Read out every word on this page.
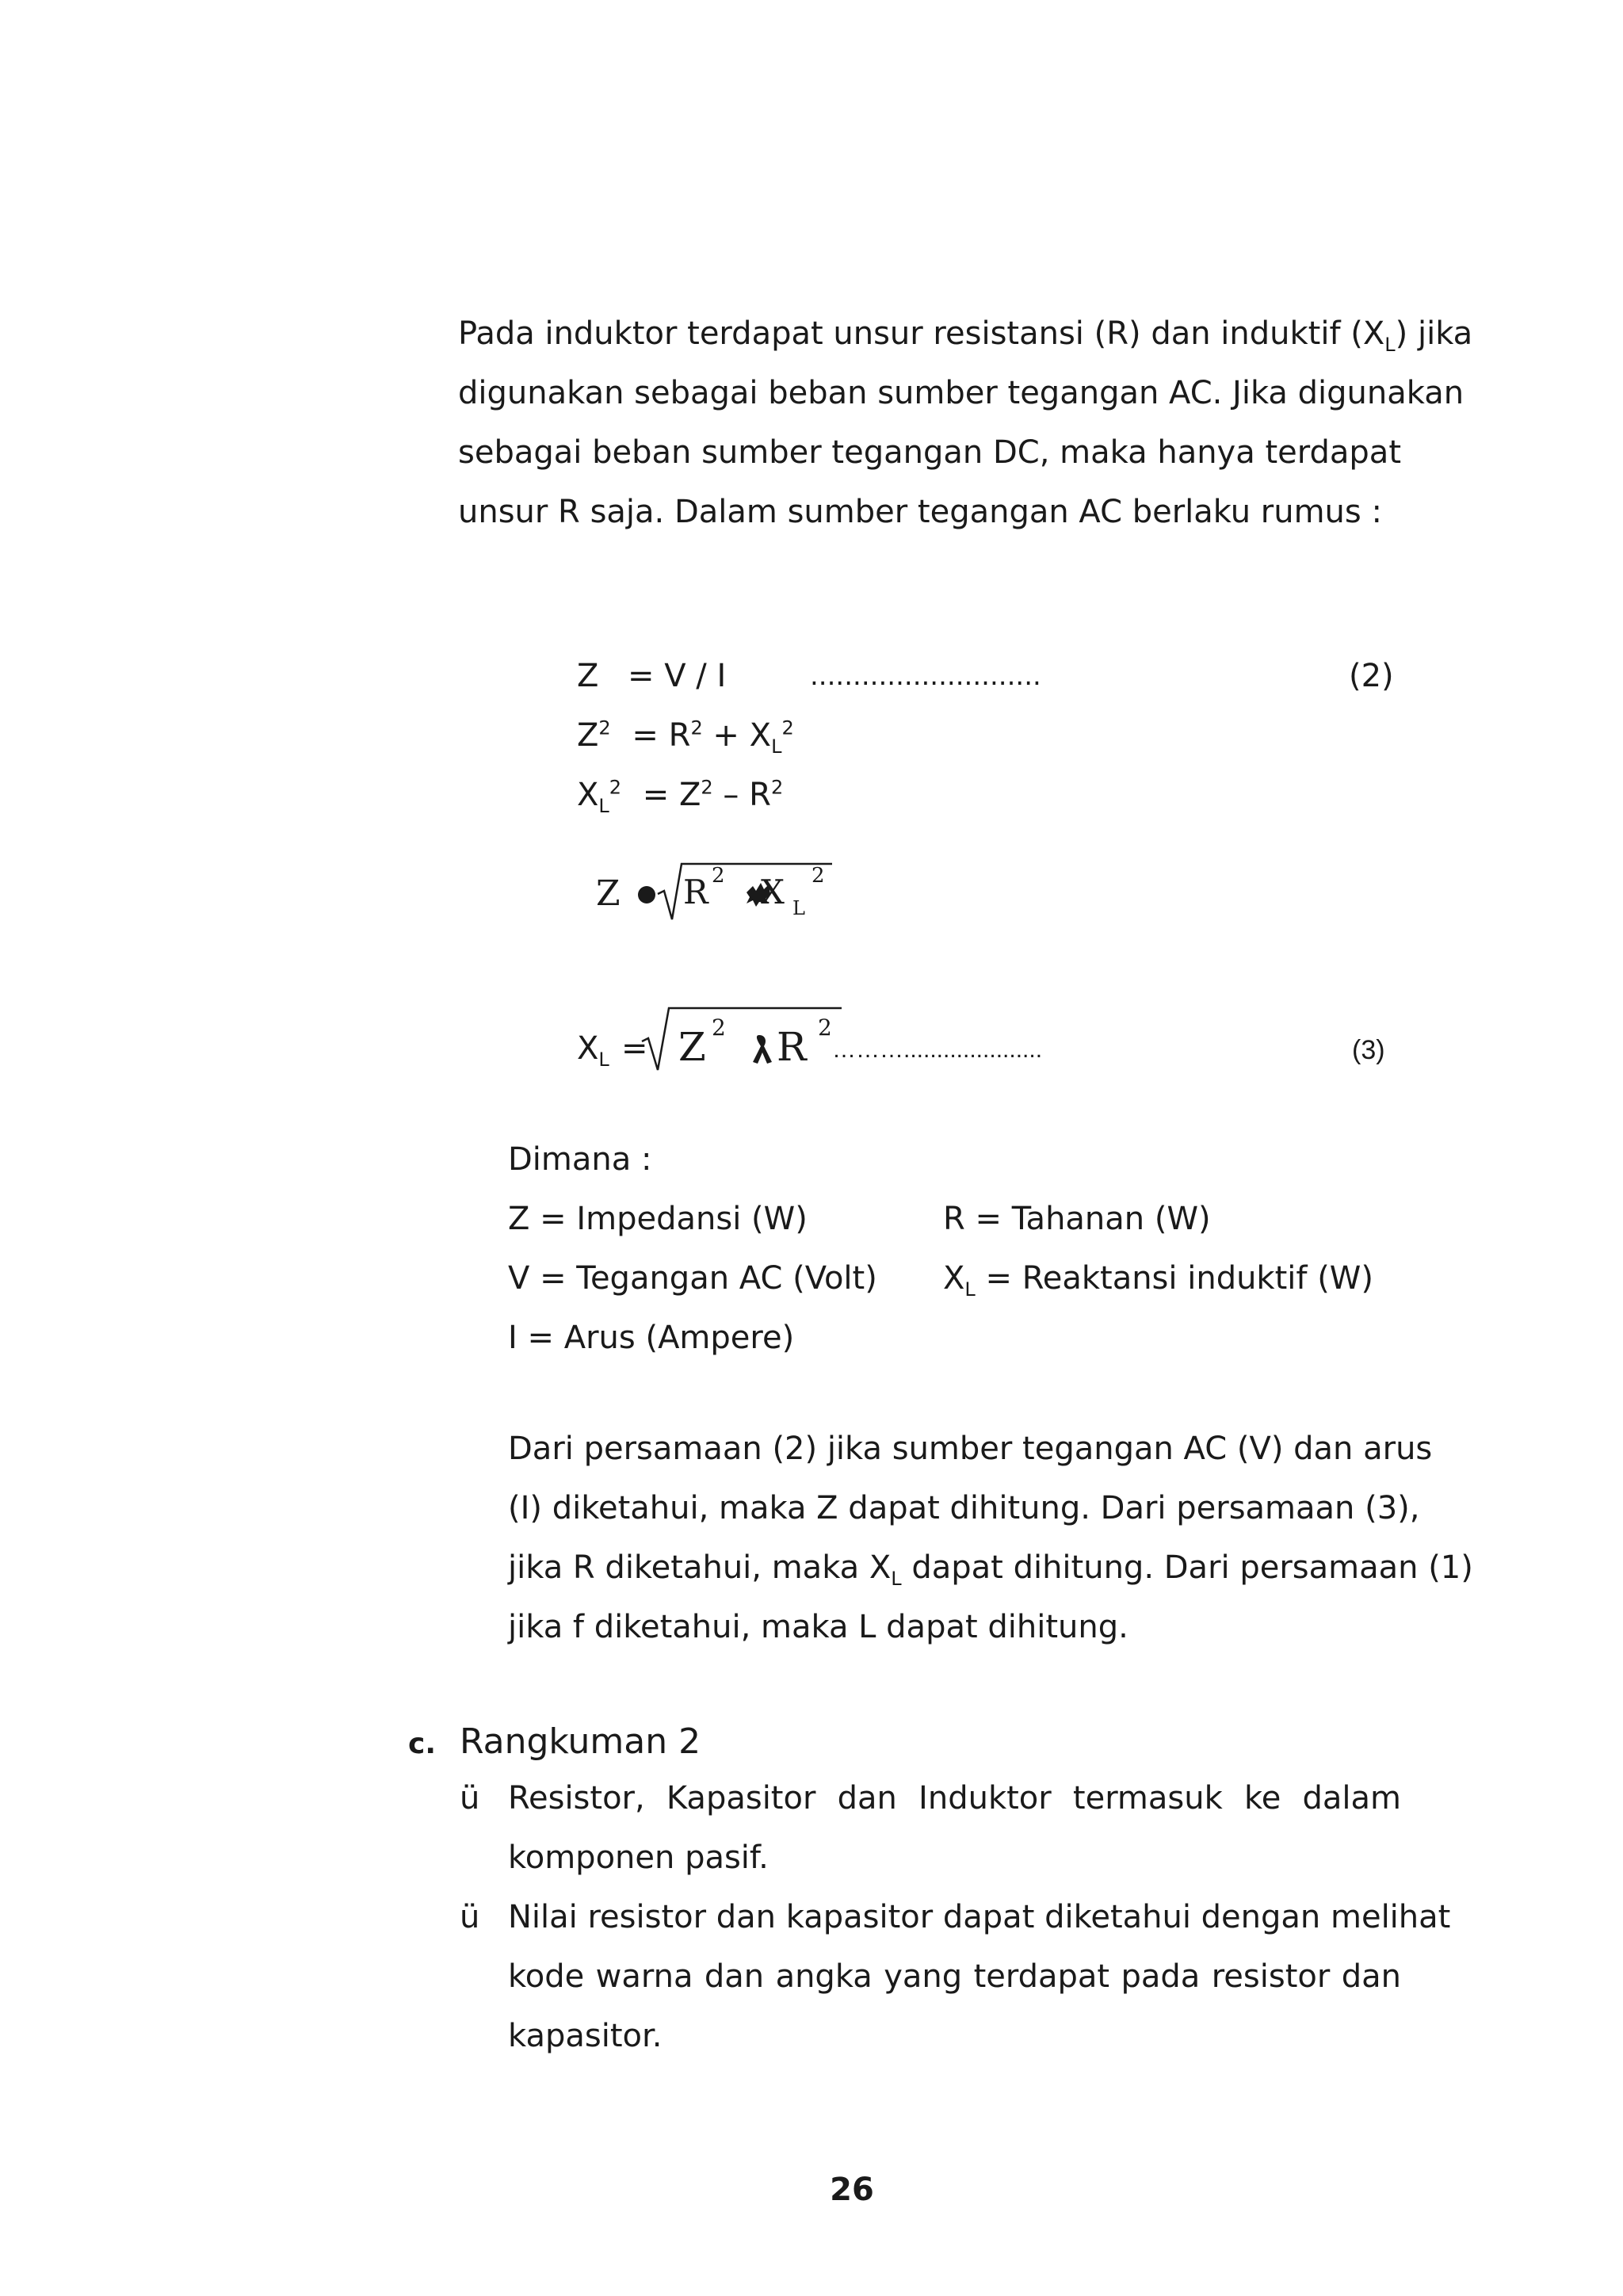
Pada induktor terdapat unsur resistansi (R) dan induktif $(X_L)$ jika
digunakan sebagai beban sumber tegangan AC. Jika digunakan
sebagai beban sumber tegangan DC, maka hanya terdapat
unsur R saja. Dalam sumber tegangan AC berlaku rumus :
Z = V / I	...........................	(2)
$Z^2 = R^2 + X_L^2$
$X_L^2 = Z^2 - R^2$
Z R 2 X L
2
$X_L = Z$ 2 R 2
……….....................	(3)
Dimana :
Z = Impedansi (W)	R = Tahanan (W)
V = Tegangan AC (Volt) $X_L$ = Reaktansi induktif (W)
I = Arus (Ampere)
Dari persamaan (2) jika sumber tegangan AC (V) dan arus
(I) diketahui, maka Z dapat dihitung. Dari persamaan (3),
jika R diketahui, maka $X_L$ dapat dihitung. Dari persamaan (1)
jika f diketahui, maka L dapat dihitung.
c. Rangkuman 2
ü Resistor, Kapasitor dan Induktor termasuk ke dalam
komponen pasif.
ü Nilai resistor dan kapasitor dapat diketahui dengan melihat
kode warna dan angka yang terdapat pada resistor dan
kapasitor.
26
